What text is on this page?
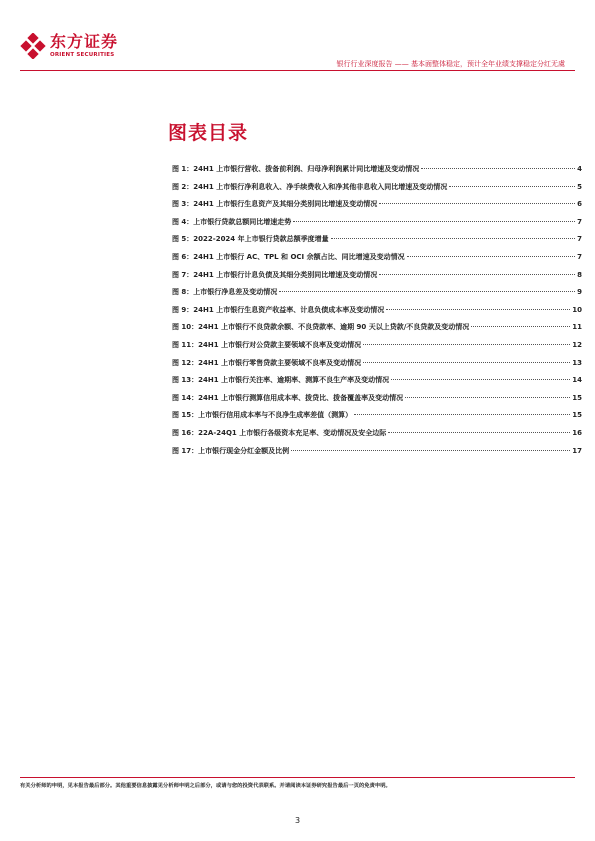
东方证券
ORIENT SECURITIES
银行行业深度报告 —— 基本面整体稳定，预计全年业绩支撑稳定分红无虞
图表目录
图 1：24H1 上市银行营收、拨备前利润、归母净利润累计同比增速及变动情况	4
图 2：24H1 上市银行净利息收入、净手续费收入和净其他非息收入同比增速及变动情况	5
图 3：24H1 上市银行生息资产及其细分类别同比增速及变动情况	6
图 4：上市银行贷款总额同比增速走势	7
图 5：2022-2024 年上市银行贷款总额季度增量	7
图 6：24H1 上市银行 AC、TPL 和 OCI 余额占比、同比增速及变动情况	7
图 7：24H1 上市银行计息负债及其细分类别同比增速及变动情况	8
图 8：上市银行净息差及变动情况	9
图 9：24H1 上市银行生息资产收益率、计息负债成本率及变动情况	10
图 10：24H1 上市银行不良贷款余额、不良贷款率、逾期 90 天以上贷款/不良贷款及变动情况	11
图 11：24H1 上市银行对公贷款主要领域不良率及变动情况	12
图 12：24H1 上市银行零售贷款主要领域不良率及变动情况	13
图 13：24H1 上市银行关注率、逾期率、测算不良生产率及变动情况	14
图 14：24H1 上市银行测算信用成本率、拨贷比、拨备覆盖率及变动情况	15
图 15：上市银行信用成本率与不良净生成率差值（测算）	15
图 16：22A-24Q1 上市银行各级资本充足率、变动情况及安全边际	16
图 17：上市银行现金分红金额及比例	17
有关分析师的申明，见本报告最后部分。其他重要信息披露见分析师申明之后部分，或请与您的投资代表联系。并请阅读本证券研究报告最后一页的免责申明。
3
